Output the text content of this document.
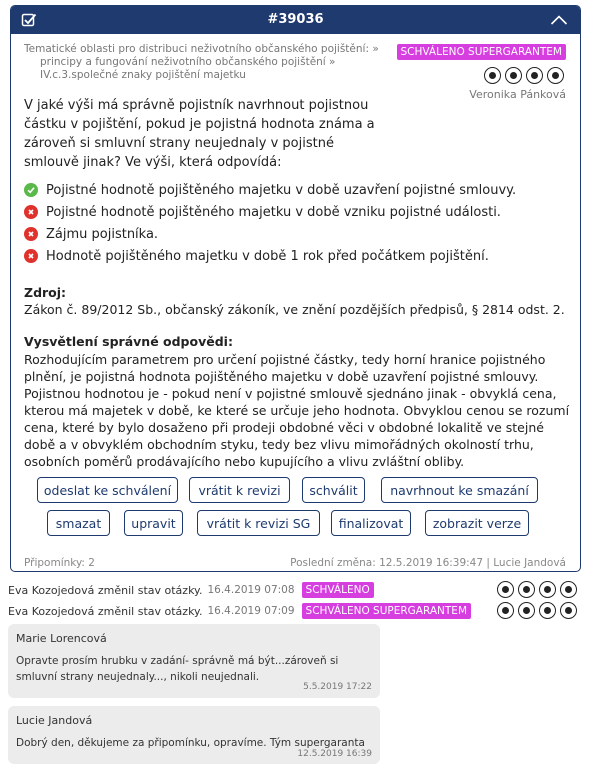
#39036
Tematické oblasti pro distribuci neživotního občanského pojištění: »
principy a fungování neživotního občanského pojištění »
IV.c.3.společné znaky pojištění majetku
SCHVÁLENO SUPERGARANTEM
Veronika Pánková
V jaké výši má správně pojistník navrhnout pojistnou částku v pojištění, pokud je pojistná hodnota známa a zároveň si smluvní strany neujednaly v pojistné smlouvě jinak? Ve výši, která odpovídá:
Pojistné hodnotě pojištěného majetku v době uzavření pojistné smlouvy.
Pojistné hodnotě pojištěného majetku v době vzniku pojistné události.
Zájmu pojistníka.
Hodnotě pojištěného majetku v době 1 rok před počátkem pojištění.
Zdroj:
Zákon č. 89/2012 Sb., občanský zákoník, ve znění pozdějších předpisů, § 2814 odst. 2.
Vysvětlení správné odpovědi:
Rozhodujícím parametrem pro určení pojistné částky, tedy horní hranice pojistného plnění, je pojistná hodnota pojištěného majetku v době uzavření pojistné smlouvy. Pojistnou hodnotou je - pokud není v pojistné smlouvě sjednáno jinak - obvyklá cena, kterou má majetek v době, ke které se určuje jeho hodnota. Obvyklou cenou se rozumí cena, které by bylo dosaženo při prodeji obdobné věci v obdobné lokalitě ve stejné době a v obvyklém obchodním styku, tedy bez vlivu mimořádných okolností trhu, osobních poměrů prodávajícího nebo kupujícího a vlivu zvláštní obliby.
odeslat ke schválení	vrátit k revizi	schválit	navrhnout ke smazání
smazat	upravit	vrátit k revizi SG	finalizovat	zobrazit verze
Připomínky: 2	Poslední změna: 12.5.2019 16:39:47 | Lucie Jandová
Eva Kozojedová změnil stav otázky. 16.4.2019 07:08	SCHVÁLENO
Eva Kozojedová změnil stav otázky. 16.4.2019 07:09	SCHVÁLENO SUPERGARANTEM
Marie Lorencová
Opravte prosím hrubku v zadání- správně má být...zároveň si smluvní strany neujednaly..., nikoli neujednali.
5.5.2019 17:22
Lucie Jandová
Dobrý den, děkujeme za připomínku, opravíme. Tým supergaranta
12.5.2019 16:39
